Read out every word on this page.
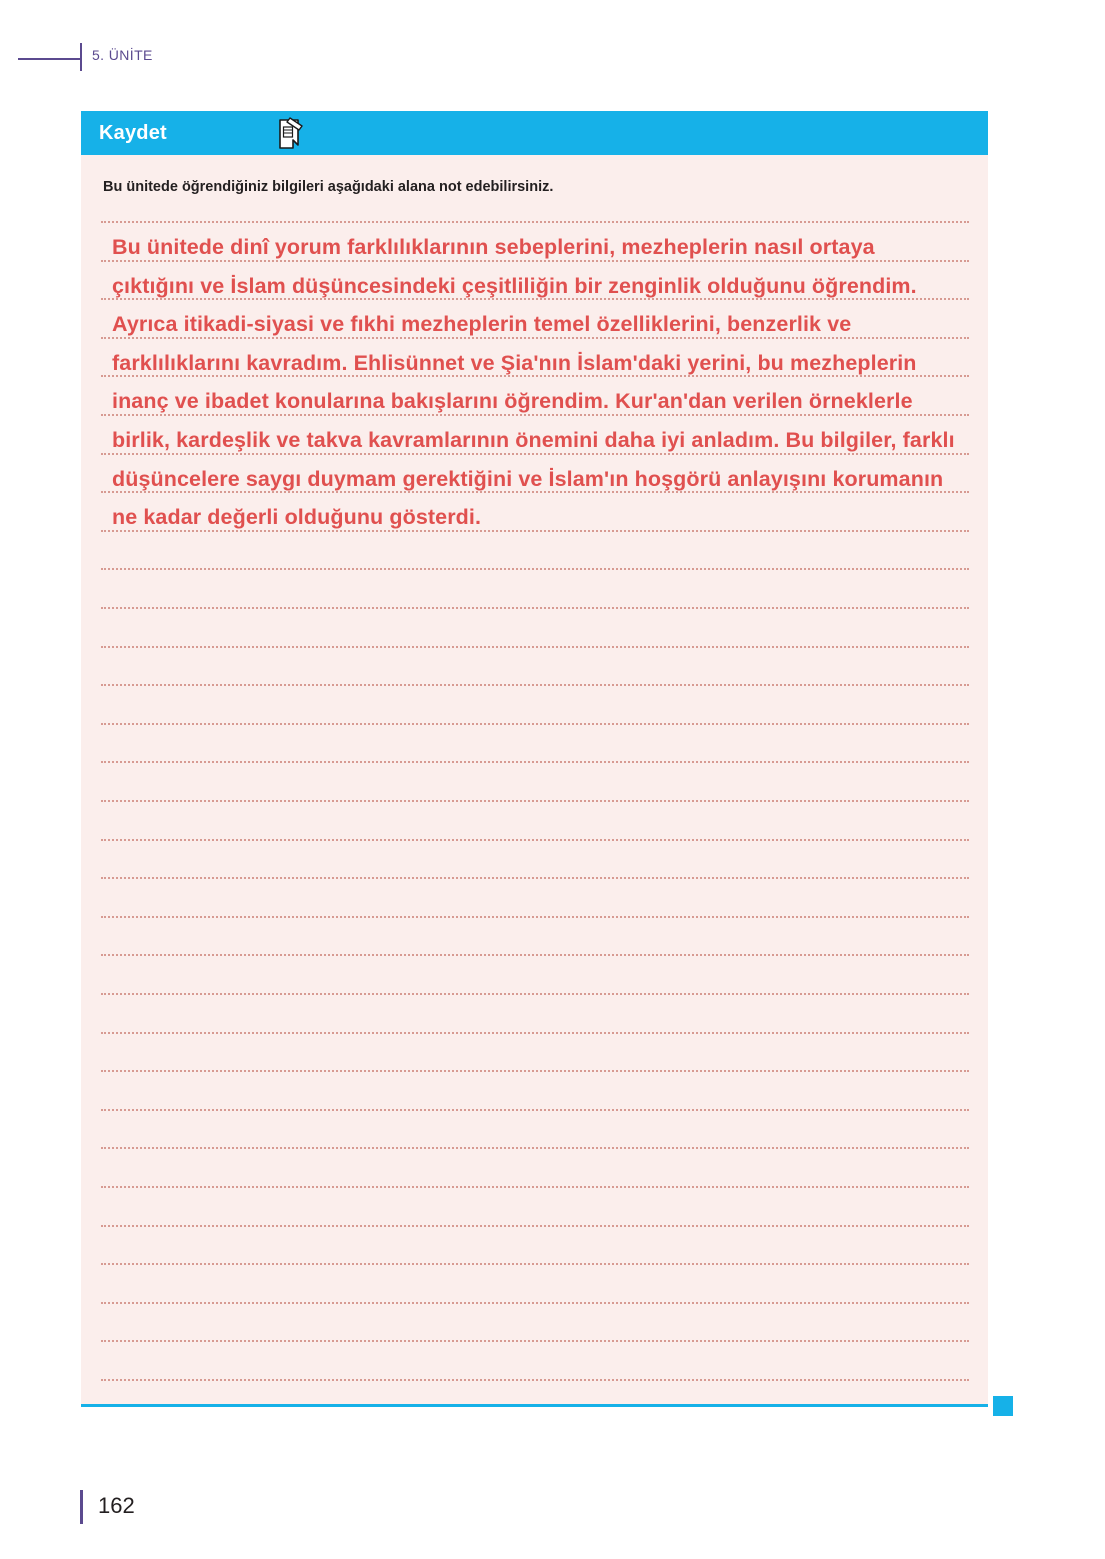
5. ÜNİTE
Kaydet
Bu ünitede öğrendiğiniz bilgileri aşağıdaki alana not edebilirsiniz.
Bu ünitede dinî yorum farklılıklarının sebeplerini, mezheplerin nasıl ortaya çıktığını ve İslam düşüncesindeki çeşitliliğin bir zenginlik olduğunu öğrendim. Ayrıca itikadi-siyasi ve fıkhi mezheplerin temel özelliklerini, benzerlik ve farklılıklarını kavradım. Ehlisünnet ve Şia'nın İslam'daki yerini, bu mezheplerin inanç ve ibadet konularına bakışlarını öğrendim. Kur'an'dan verilen örneklerle birlik, kardeşlik ve takva kavramlarının önemini daha iyi anladım. Bu bilgiler, farklı düşüncelere saygı duymam gerektiğini ve İslam'ın hoşgörü anlayışını korumanın ne kadar değerli olduğunu gösterdi.
162
